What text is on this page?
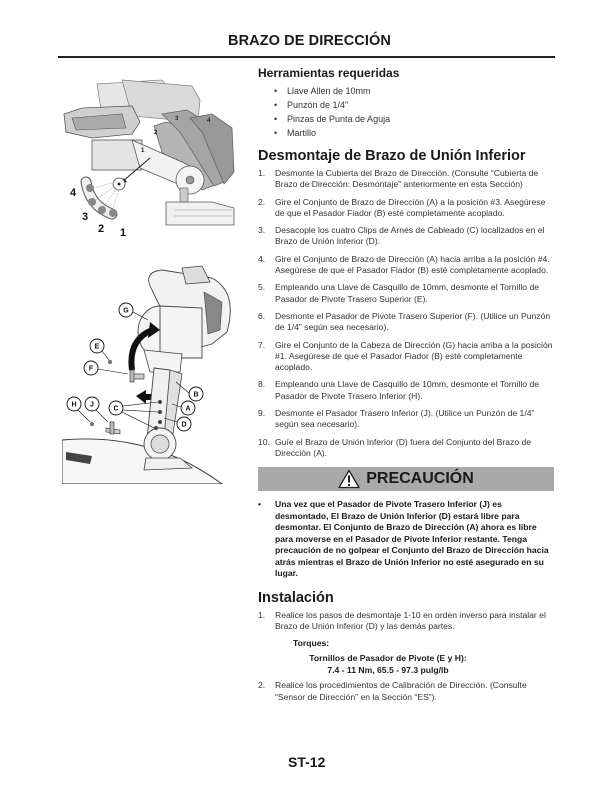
BRAZO DE DIRECCIÓN
3	4
2
1
4
3
2 1
G
E
F
H J
C
B
A
D
Herramientas requeridas
• Llave Allen de 10mm
• Punzón de 1/4"
• Pinzas de Punta de Aguja
• Martillo
Desmontaje de Brazo de Unión Inferior
1. Desmonte la Cubierta del Brazo de Dirección. (Consulte “Cubierta de Brazo de Dirección: Desmontaje” anteriormente en esta Sección)
2. Gire el Conjunto de Brazo de Dirección (A) a la posición #3. Asegúrese de que el Pasador Fiador (B) esté completamente acoplado.
3. Desacople los cuatro Clips de Arnés de Cableado (C) localizados en el Brazo de Unión Inferior (D).
4. Gire el Conjunto de Brazo de Dirección (A) hacia arriba a la posición #4. Asegúrese de que el Pasador Fiador (B) esté completamente acoplado.
5. Empleando una Llave de Casquillo de 10mm, desmonte el Tornillo de Pasador de Pivote Trasero Superior (E).
6. Desmonte el Pasador de Pivote Trasero Superior (F). (Utilice un Punzón de 1/4” según sea necesario).
7. Gire el Conjunto de la Cabeza de Dirección (G) hacia arriba a la posición #1. Asegúrese de que el Pasador Fiador (B) esté completamente acoplado.
8. Empleando una Llave de Casquillo de 10mm, desmonte el Tornillo de Pasador de Pivote Trasero Inferior (H).
9. Desmonte el Pasador Trasero Inferior (J). (Utilice un Punzón de 1/4” según sea necesario).
10. Guíe el Brazo de Unión Inferior (D) fuera del Conjunto del Brazo de Dirección (A).
PRECAUCIÓN
• Una vez que el Pasador de Pivote Trasero Inferior (J) es desmontado, El Brazo de Unión Inferior (D) estará libre para desmontar. El Conjunto de Brazo de Dirección (A) ahora es libre para moverse en el Pasador de Pivote Inferior restante. Tenga precaución de no golpear el Conjunto del Brazo de Dirección hacia atrás mientras el Brazo de Unión Inferior no esté asegurado en su lugar.
Instalación
1. Realice los pasos de desmontaje 1-10 en orden inverso para instalar el Brazo de Unión Inferior (D) y las demás partes.
Torques:
Tornillos de Pasador de Pivote (E y H):
7.4 - 11 Nm, 65.5 - 97.3 pulg/lb
2. Realice los procedimientos de Calibración de Dirección. (Consulte “Sensor de Dirección” en la Sección “ES”).
ST-12
